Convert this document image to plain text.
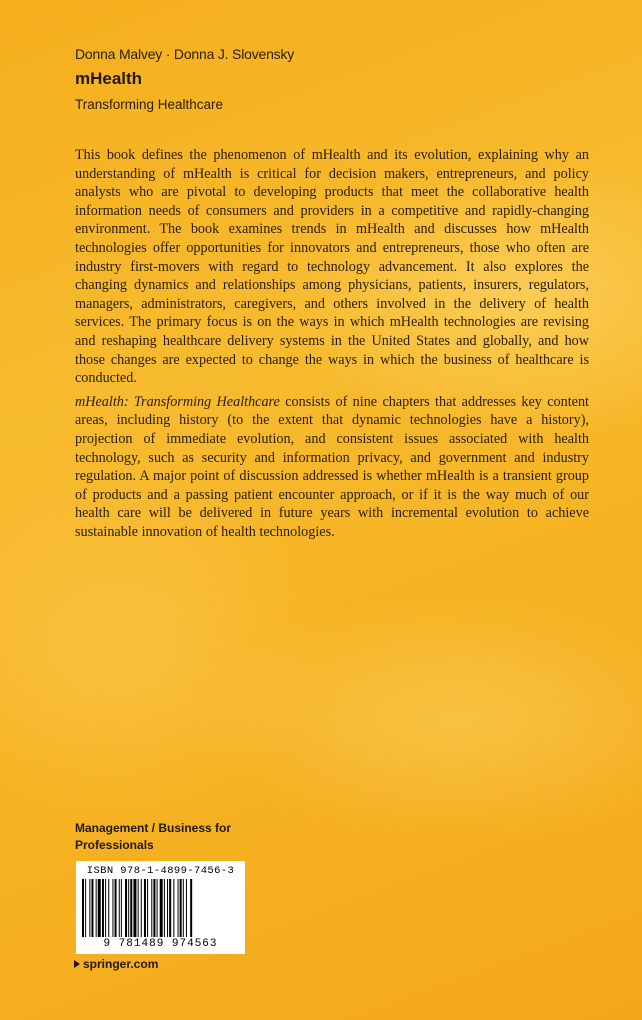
Donna Malvey · Donna J. Slovensky
mHealth
Transforming Healthcare

This book defines the phenomenon of mHealth and its evolution, explaining why an understanding of mHealth is critical for decision makers, entrepreneurs, and policy analysts who are pivotal to developing products that meet the collaborative health information needs of consumers and providers in a competitive and rapidly-changing environment. The book examines trends in mHealth and discusses how mHealth technologies offer opportunities for innovators and entrepreneurs, those who often are industry first-movers with regard to technology advancement. It also explores the changing dynamics and relationships among physicians, patients, insurers, regulators, managers, administrators, caregivers, and others involved in the delivery of health services. The primary focus is on the ways in which mHealth technologies are revising and reshaping healthcare delivery systems in the United States and globally, and how those changes are expected to change the ways in which the business of healthcare is conducted.

mHealth: Transforming Healthcare consists of nine chapters that addresses key content areas, including history (to the extent that dynamic technologies have a history), projection of immediate evolution, and consistent issues associated with health technology, such as security and information privacy, and government and industry regulation. A major point of discussion addressed is whether mHealth is a transient group of products and a passing patient encounter approach, or if it is the way much of our health care will be delivered in future years with incremental evolution to achieve sustainable innovation of health technologies.

Management / Business for Professionals
ISBN 978-1-4899-7456-3
9 781489 974563
springer.com
